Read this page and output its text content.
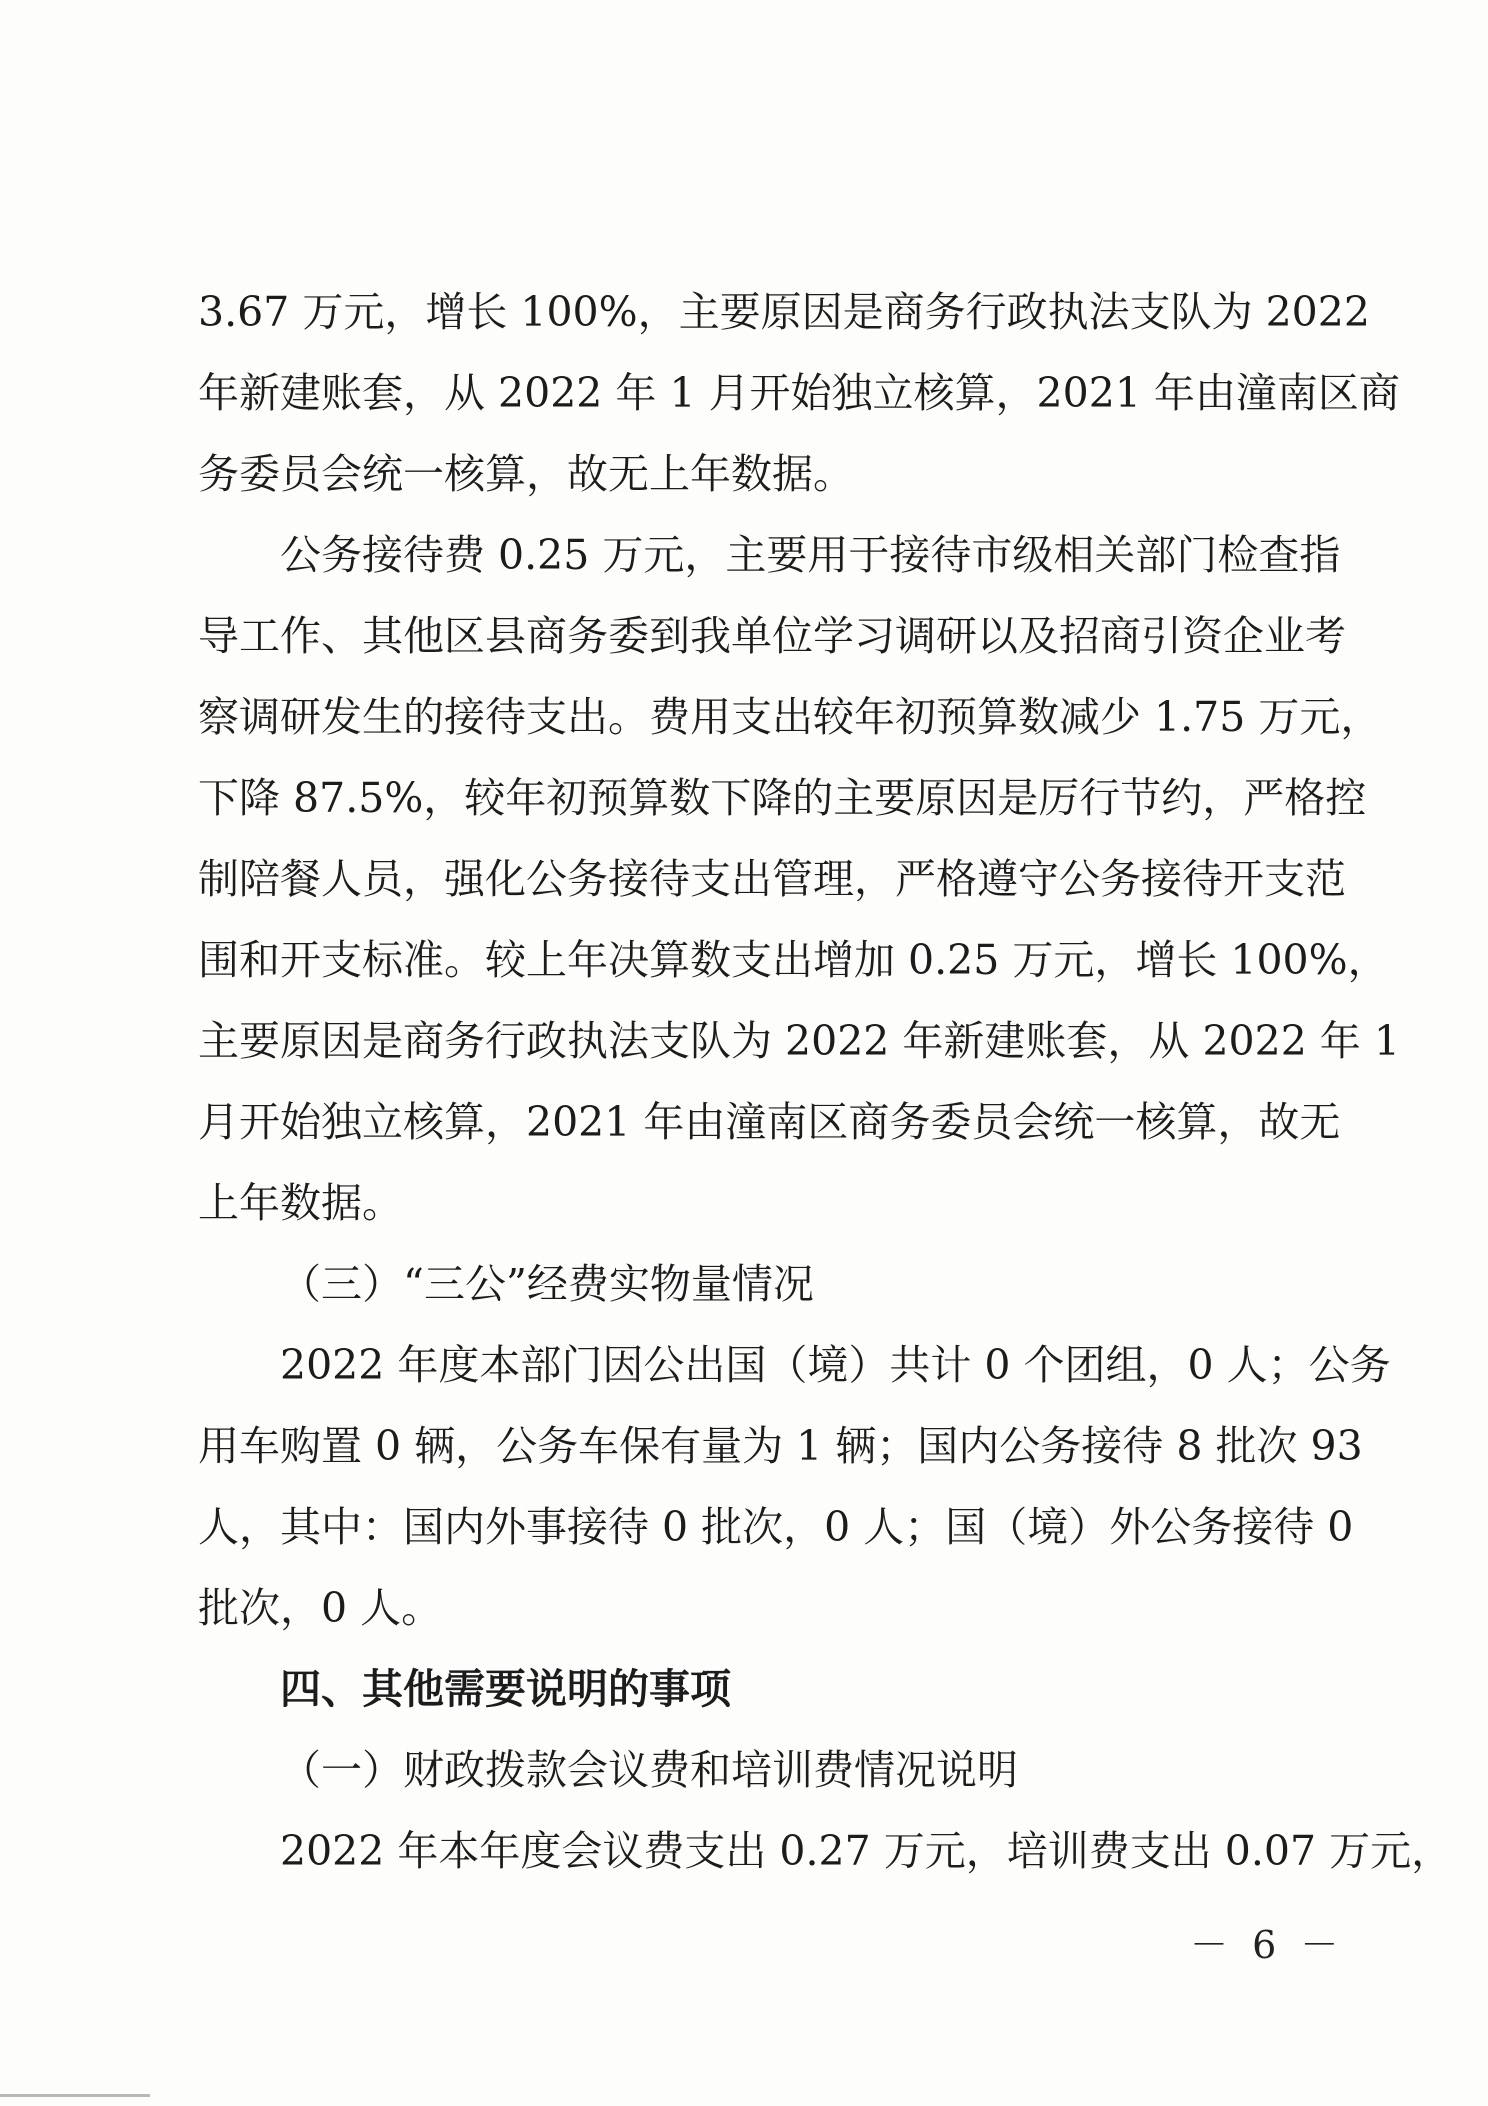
3.67 万元，增长 100%，主要原因是商务行政执法支队为 2022
年新建账套，从 2022 年 1 月开始独立核算，2021 年由潼南区商
务委员会统一核算，故无上年数据。
公务接待费 0.25 万元，主要用于接待市级相关部门检查指
导工作、其他区县商务委到我单位学习调研以及招商引资企业考
察调研发生的接待支出。费用支出较年初预算数减少 1.75 万元，
下降 87.5%，较年初预算数下降的主要原因是厉行节约，严格控
制陪餐人员，强化公务接待支出管理，严格遵守公务接待开支范
围和开支标准。较上年决算数支出增加 0.25 万元，增长 100%，
主要原因是商务行政执法支队为 2022 年新建账套，从 2022 年 1
月开始独立核算，2021 年由潼南区商务委员会统一核算，故无
上年数据。
（三）“三公”经费实物量情况
2022 年度本部门因公出国（境）共计 0 个团组，0 人；公务
用车购置 0 辆，公务车保有量为 1 辆；国内公务接待 8 批次 93
人，其中：国内外事接待 0 批次，0 人；国（境）外公务接待 0
批次，0 人。
四、其他需要说明的事项
（一）财政拨款会议费和培训费情况说明
2022 年本年度会议费支出 0.27 万元，培训费支出 0.07 万元，
－ 6 －
